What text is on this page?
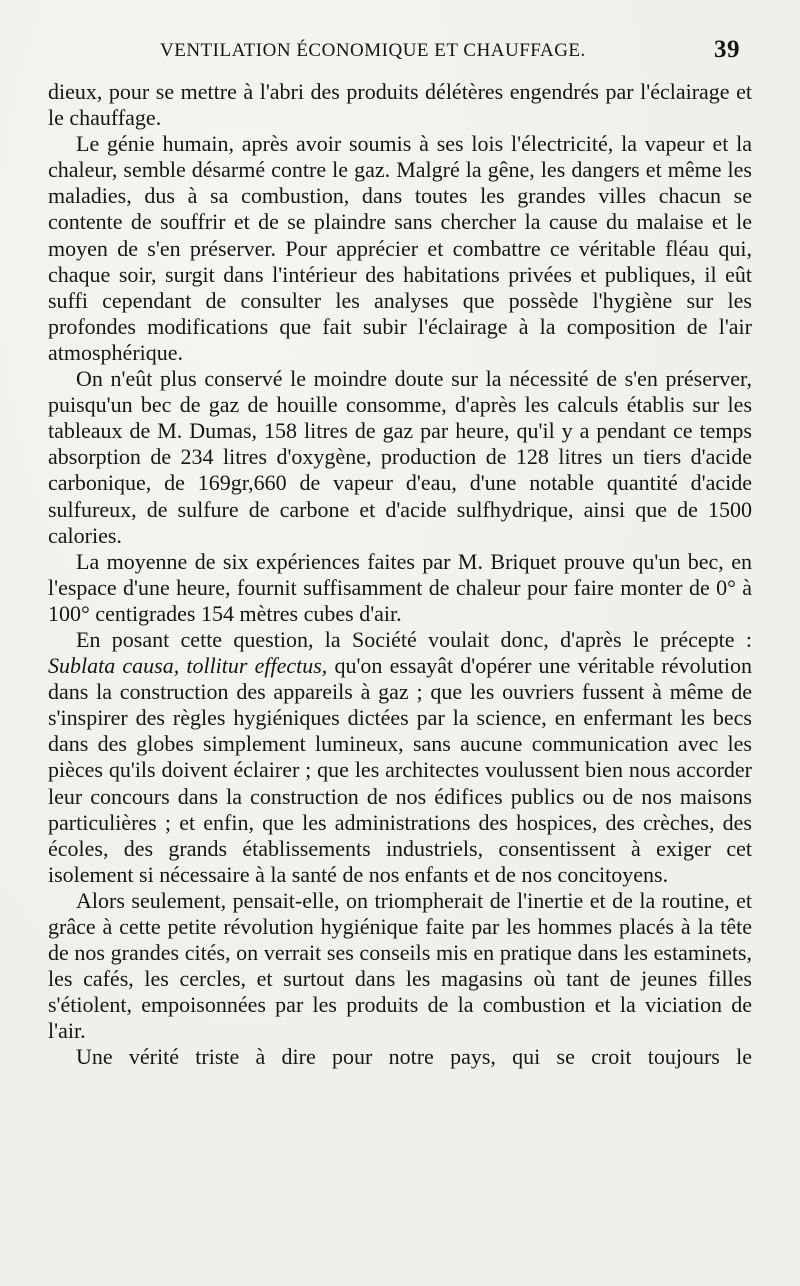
VENTILATION ÉCONOMIQUE ET CHAUFFAGE.	39

dieux, pour se mettre à l'abri des produits délétères engendrés par l'éclairage et le chauffage.

Le génie humain, après avoir soumis à ses lois l'électricité, la vapeur et la chaleur, semble désarmé contre le gaz. Malgré la gêne, les dangers et même les maladies, dus à sa combustion, dans toutes les grandes villes chacun se contente de souffrir et de se plaindre sans chercher la cause du malaise et le moyen de s'en préserver. Pour apprécier et combattre ce véritable fléau qui, chaque soir, surgit dans l'intérieur des habitations privées et publiques, il eût suffi cependant de consulter les analyses que possède l'hygiène sur les profondes modifications que fait subir l'éclairage à la composition de l'air atmosphérique.

On n'eût plus conservé le moindre doute sur la nécessité de s'en préserver, puisqu'un bec de gaz de houille consomme, d'après les calculs établis sur les tableaux de M. Dumas, 158 litres de gaz par heure, qu'il y a pendant ce temps absorption de 234 litres d'oxygène, production de 128 litres un tiers d'acide carbonique, de 169gr,660 de vapeur d'eau, d'une notable quantité d'acide sulfureux, de sulfure de carbone et d'acide sulfhydrique, ainsi que de 1500 calories.

La moyenne de six expériences faites par M. Briquet prouve qu'un bec, en l'espace d'une heure, fournit suffisamment de chaleur pour faire monter de 0° à 100° centigrades 154 mètres cubes d'air.

En posant cette question, la Société voulait donc, d'après le précepte : Sublata causa, tollitur effectus, qu'on essayât d'opérer une véritable révolution dans la construction des appareils à gaz ; que les ouvriers fussent à même de s'inspirer des règles hygiéniques dictées par la science, en enfermant les becs dans des globes simplement lumineux, sans aucune communication avec les pièces qu'ils doivent éclairer ; que les architectes voulussent bien nous accorder leur concours dans la construction de nos édifices publics ou de nos maisons particulières ; et enfin, que les administrations des hospices, des crèches, des écoles, des grands établissements industriels, consentissent à exiger cet isolement si nécessaire à la santé de nos enfants et de nos concitoyens.

Alors seulement, pensait-elle, on triompherait de l'inertie et de la routine, et grâce à cette petite révolution hygiénique faite par les hommes placés à la tête de nos grandes cités, on verrait ses conseils mis en pratique dans les estaminets, les cafés, les cercles, et surtout dans les magasins où tant de jeunes filles s'étiolent, empoisonnées par les produits de la combustion et la viciation de l'air.

Une vérité triste à dire pour notre pays, qui se croit toujours le
